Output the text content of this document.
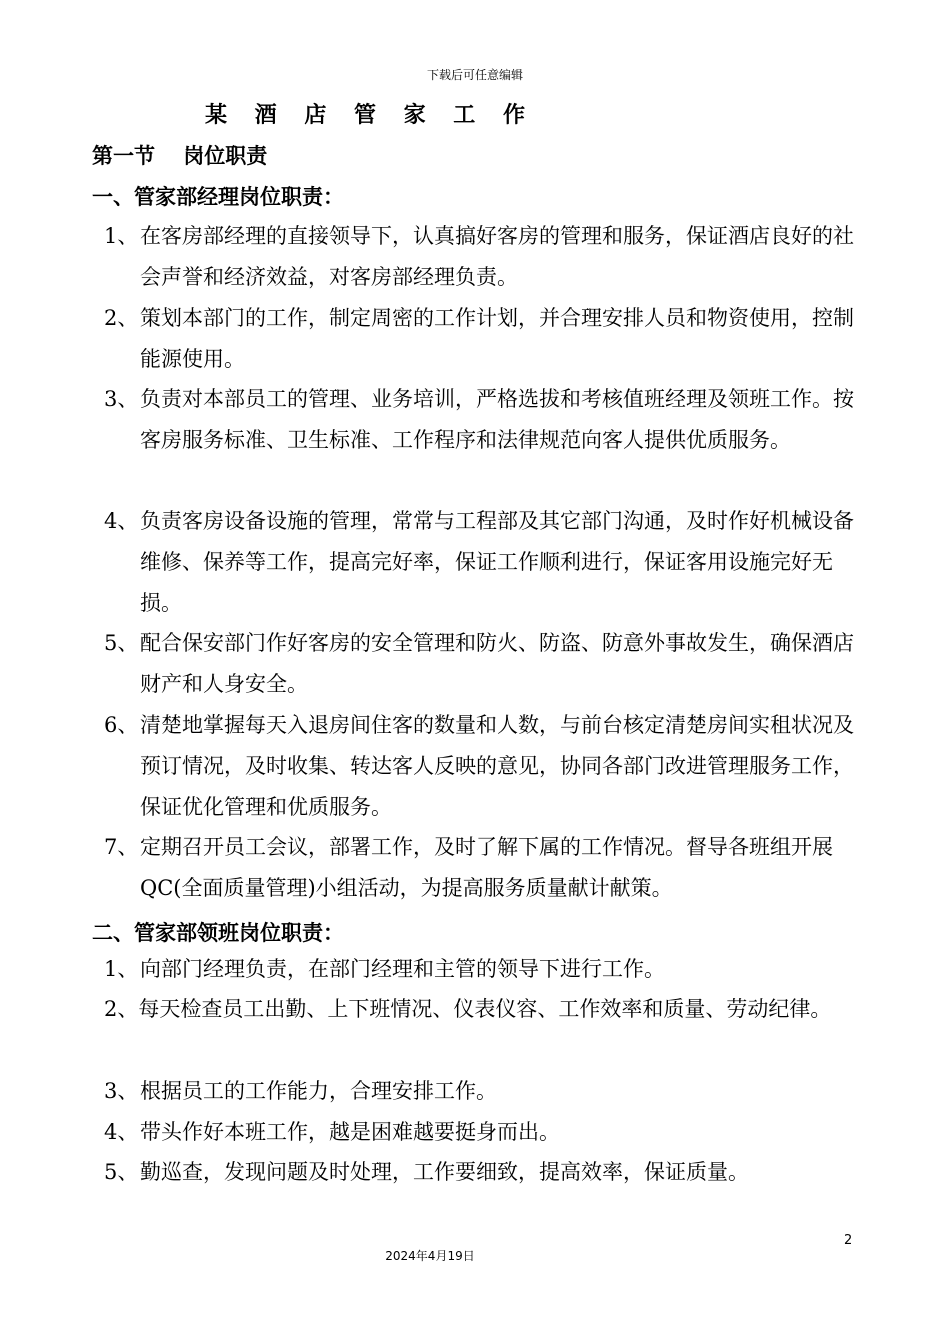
下载后可任意编辑
某 酒 店 管 家 工 作
第一节　 岗位职责
一、管家部经理岗位职责：
1、 在客房部经理的直接领导下，认真搞好客房的管理和服务，保证酒店良好的社会声誉和经济效益，对客房部经理负责。
2、 策划本部门的工作，制定周密的工作计划，并合理安排人员和物资使用，控制能源使用。
3、 负责对本部员工的管理、业务培训，严格选拔和考核值班经理及领班工作。按客房服务标准、卫生标准、工作程序和法律规范向客人提供优质服务。
4、 负责客房设备设施的管理，常常与工程部及其它部门沟通，及时作好机械设备维修、保养等工作，提高完好率，保证工作顺利进行，保证客用设施完好无损。
5、 配合保安部门作好客房的安全管理和防火、防盗、防意外事故发生，确保酒店财产和人身安全。
6、 清楚地掌握每天入退房间住客的数量和人数，与前台核定清楚房间实租状况及预订情况，及时收集、转达客人反映的意见，协同各部门改进管理服务工作，保证优化管理和优质服务。
7、 定期召开员工会议，部署工作，及时了解下属的工作情况。督导各班组开展QC(全面质量管理)小组活动，为提高服务质量献计献策。
二、管家部领班岗位职责：
1、 向部门经理负责，在部门经理和主管的领导下进行工作。
2、每天检查员工出勤、上下班情况、仪表仪容、工作效率和质量、劳动纪律。
3、 根据员工的工作能力，合理安排工作。
4、 带头作好本班工作，越是困难越要挺身而出。
5、 勤巡查，发现问题及时处理，工作要细致，提高效率，保证质量。
2
2024年4月19日
